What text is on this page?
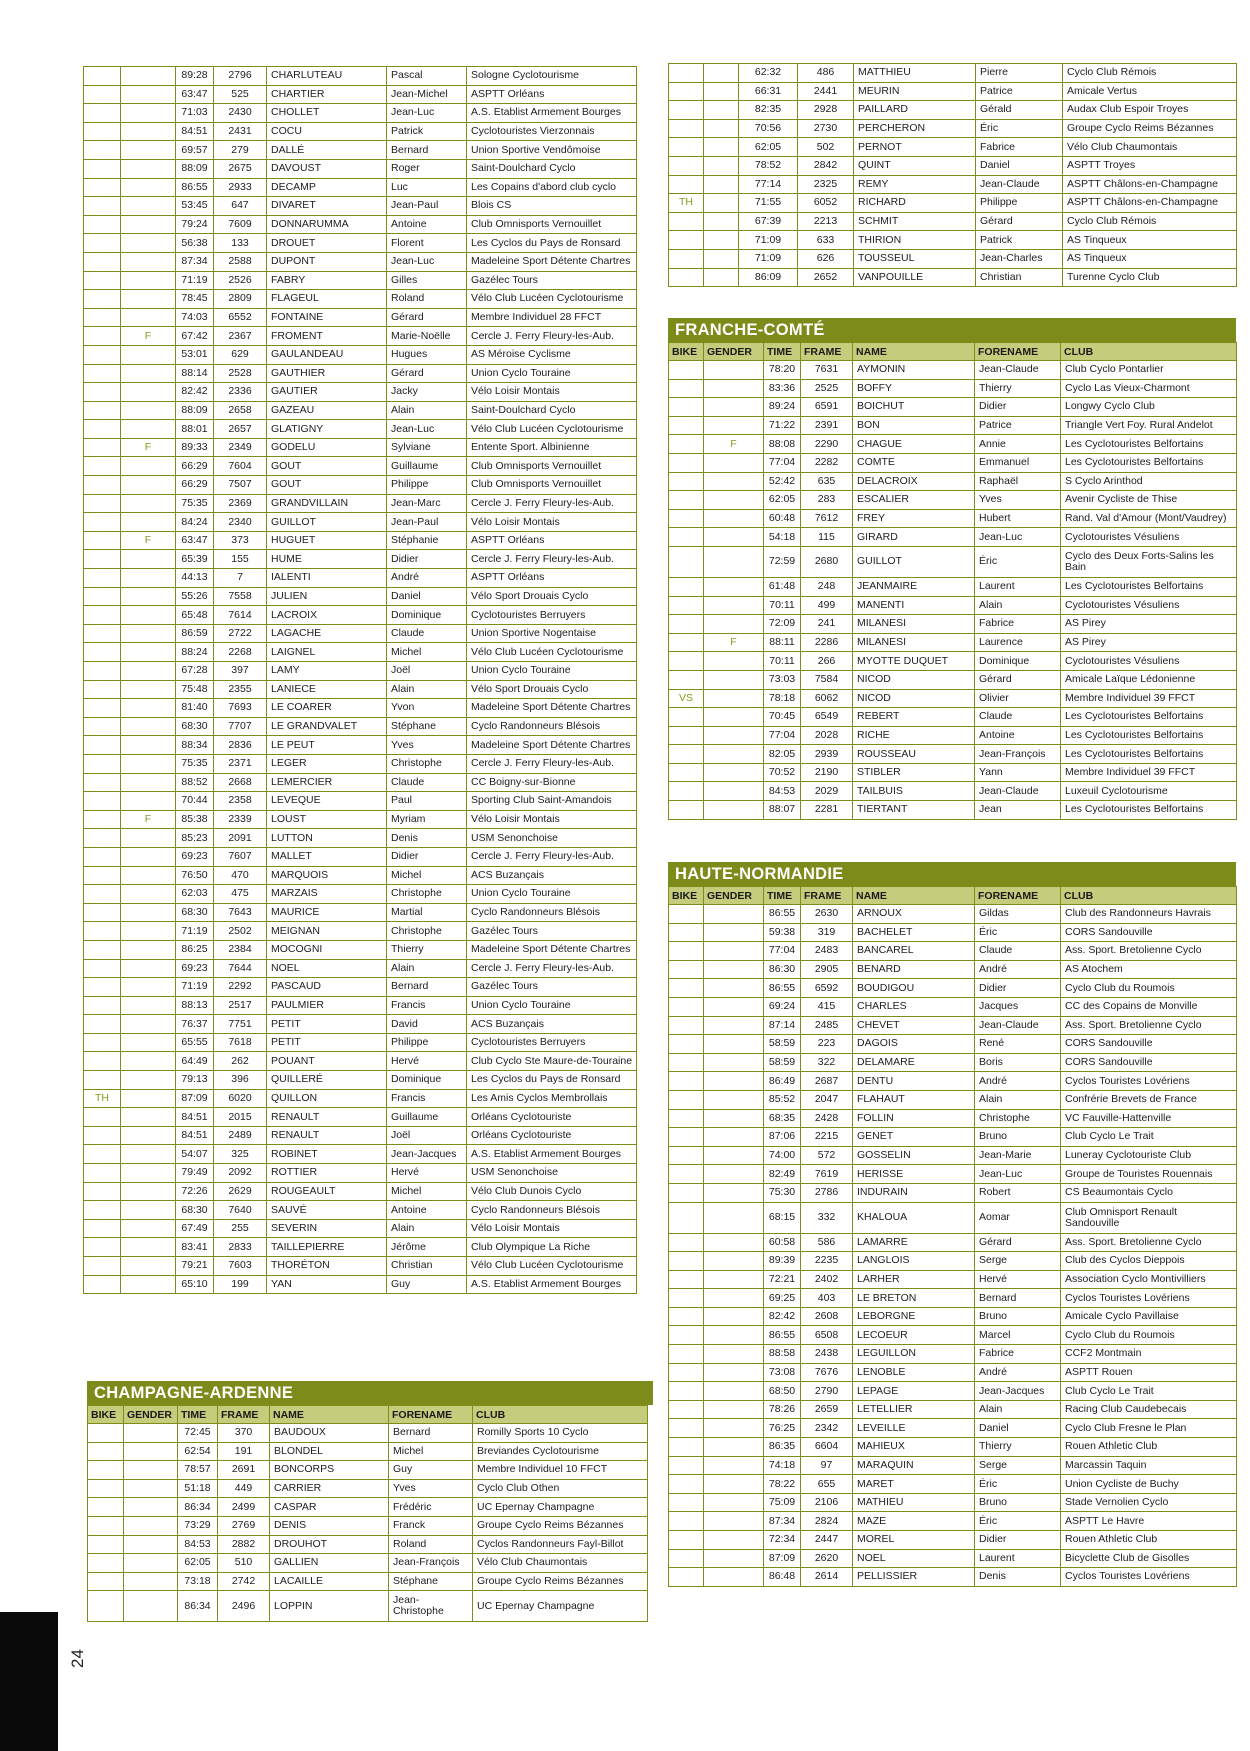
		89:28	2796	CHARLUTEAU	Pascal	Sologne Cyclotourisme
		63:47	525	CHARTIER	Jean-Michel	ASPTT Orléans
		71:03	2430	CHOLLET	Jean-Luc	A.S. Etablist Armement Bourges
		84:51	2431	COCU	Patrick	Cyclotouristes Vierzonnais
		69:57	279	DALLÉ	Bernard	Union Sportive Vendômoise
		88:09	2675	DAVOUST	Roger	Saint-Doulchard Cyclo
		86:55	2933	DECAMP	Luc	Les Copains d'abord club cyclo
		53:45	647	DIVARET	Jean-Paul	Blois CS
		79:24	7609	DONNARUMMA	Antoine	Club Omnisports Vernouillet
		56:38	133	DROUET	Florent	Les Cyclos du Pays de Ronsard
		87:34	2588	DUPONT	Jean-Luc	Madeleine Sport Détente Chartres
		71:19	2526	FABRY	Gilles	Gazélec Tours
		78:45	2809	FLAGEUL	Roland	Vélo Club Lucéen Cyclotourisme
		74:03	6552	FONTAINE	Gérard	Membre Individuel 28 FFCT
	F	67:42	2367	FROMENT	Marie-Noëlle	Cercle J. Ferry Fleury-les-Aub.
		53:01	629	GAULANDEAU	Hugues	AS Méroise Cyclisme
		88:14	2528	GAUTHIER	Gérard	Union Cyclo Touraine
		82:42	2336	GAUTIER	Jacky	Vélo Loisir Montais
		88:09	2658	GAZEAU	Alain	Saint-Doulchard Cyclo
		88:01	2657	GLATIGNY	Jean-Luc	Vélo Club Lucéen Cyclotourisme
	F	89:33	2349	GODELU	Sylviane	Entente Sport. Albinienne
		66:29	7604	GOUT	Guillaume	Club Omnisports Vernouillet
		66:29	7507	GOUT	Philippe	Club Omnisports Vernouillet
		75:35	2369	GRANDVILLAIN	Jean-Marc	Cercle J. Ferry Fleury-les-Aub.
		84:24	2340	GUILLOT	Jean-Paul	Vélo Loisir Montais
	F	63:47	373	HUGUET	Stéphanie	ASPTT Orléans
		65:39	155	HUME	Didier	Cercle J. Ferry Fleury-les-Aub.
		44:13	7	IALENTI	André	ASPTT Orléans
		55:26	7558	JULIEN	Daniel	Vélo Sport Drouais Cyclo
		65:48	7614	LACROIX	Dominique	Cyclotouristes Berruyers
		86:59	2722	LAGACHE	Claude	Union Sportive Nogentaise
		88:24	2268	LAIGNEL	Michel	Vélo Club Lucéen Cyclotourisme
		67:28	397	LAMY	Joël	Union Cyclo Touraine
		75:48	2355	LANIECE	Alain	Vélo Sport Drouais Cyclo
		81:40	7693	LE COARER	Yvon	Madeleine Sport Détente Chartres
		68:30	7707	LE GRANDVALET	Stéphane	Cyclo Randonneurs Blésois
		88:34	2836	LE PEUT	Yves	Madeleine Sport Détente Chartres
		75:35	2371	LEGER	Christophe	Cercle J. Ferry Fleury-les-Aub.
		88:52	2668	LEMERCIER	Claude	CC Boigny-sur-Bionne
		70:44	2358	LEVEQUE	Paul	Sporting Club Saint-Amandois
	F	85:38	2339	LOUST	Myriam	Vélo Loisir Montais
		85:23	2091	LUTTON	Denis	USM Senonchoise
		69:23	7607	MALLET	Didier	Cercle J. Ferry Fleury-les-Aub.
		76:50	470	MARQUOIS	Michel	ACS Buzançais
		62:03	475	MARZAIS	Christophe	Union Cyclo Touraine
		68:30	7643	MAURICE	Martial	Cyclo Randonneurs Blésois
		71:19	2502	MEIGNAN	Christophe	Gazélec Tours
		86:25	2384	MOCOGNI	Thierry	Madeleine Sport Détente Chartres
		69:23	7644	NOEL	Alain	Cercle J. Ferry Fleury-les-Aub.
		71:19	2292	PASCAUD	Bernard	Gazélec Tours
		88:13	2517	PAULMIER	Francis	Union Cyclo Touraine
		76:37	7751	PETIT	David	ACS Buzançais
		65:55	7618	PETIT	Philippe	Cyclotouristes Berruyers
		64:49	262	POUANT	Hervé	Club Cyclo Ste Maure-de-Touraine
		79:13	396	QUILLERÉ	Dominique	Les Cyclos du Pays de Ronsard
TH		87:09	6020	QUILLON	Francis	Les Amis Cyclos Membrollais
		84:51	2015	RENAULT	Guillaume	Orléans Cyclotouriste
		84:51	2489	RENAULT	Joël	Orléans Cyclotouriste
		54:07	325	ROBINET	Jean-Jacques	A.S. Etablist Armement Bourges
		79:49	2092	ROTTIER	Hervé	USM Senonchoise
		72:26	2629	ROUGEAULT	Michel	Vélo Club Dunois Cyclo
		68:30	7640	SAUVÉ	Antoine	Cyclo Randonneurs Blésois
		67:49	255	SEVERIN	Alain	Vélo Loisir Montais
		83:41	2833	TAILLEPIERRE	Jérôme	Club Olympique La Riche
		79:21	7603	THORÉTON	Christian	Vélo Club Lucéen Cyclotourisme
		65:10	199	YAN	Guy	A.S. Etablist Armement Bourges
CHAMPAGNE-ARDENNE
BIKE	GENDER	TIME	FRAME	NAME	FORENAME	CLUB
		72:45	370	BAUDOUX	Bernard	Romilly Sports 10 Cyclo
		62:54	191	BLONDEL	Michel	Breviandes Cyclotourisme
		78:57	2691	BONCORPS	Guy	Membre Individuel 10 FFCT
		51:18	449	CARRIER	Yves	Cyclo Club Othen
		86:34	2499	CASPAR	Frédéric	UC Epernay Champagne
		73:29	2769	DENIS	Franck	Groupe Cyclo Reims Bézannes
		84:53	2882	DROUHOT	Roland	Cyclos Randonneurs Fayl-Billot
		62:05	510	GALLIEN	Jean-François	Vélo Club Chaumontais
		73:18	2742	LACAILLE	Stéphane	Groupe Cyclo Reims Bézannes
		86:34	2496	LOPPIN	Jean-Christophe	UC Epernay Champagne
		62:32	486	MATTHIEU	Pierre	Cyclo Club Rémois
		66:31	2441	MEURIN	Patrice	Amicale Vertus
		82:35	2928	PAILLARD	Gérald	Audax Club Espoir Troyes
		70:56	2730	PERCHERON	Éric	Groupe Cyclo Reims Bézannes
		62:05	502	PERNOT	Fabrice	Vélo Club Chaumontais
		78:52	2842	QUINT	Daniel	ASPTT Troyes
		77:14	2325	REMY	Jean-Claude	ASPTT Châlons-en-Champagne
TH		71:55	6052	RICHARD	Philippe	ASPTT Châlons-en-Champagne
		67:39	2213	SCHMIT	Gérard	Cyclo Club Rémois
		71:09	633	THIRION	Patrick	AS Tinqueux
		71:09	626	TOUSSEUL	Jean-Charles	AS Tinqueux
		86:09	2652	VANPOUILLE	Christian	Turenne Cyclo Club
FRANCHE-COMTÉ
BIKE	GENDER	TIME	FRAME	NAME	FORENAME	CLUB
		78:20	7631	AYMONIN	Jean-Claude	Club Cyclo Pontarlier
		83:36	2525	BOFFY	Thierry	Cyclo Las Vieux-Charmont
		89:24	6591	BOICHUT	Didier	Longwy Cyclo Club
		71:22	2391	BON	Patrice	Triangle Vert Foy. Rural Andelot
	F	88:08	2290	CHAGUE	Annie	Les Cyclotouristes Belfortains
		77:04	2282	COMTE	Emmanuel	Les Cyclotouristes Belfortains
		52:42	635	DELACROIX	Raphaël	S Cyclo Arinthod
		62:05	283	ESCALIER	Yves	Avenir Cycliste de Thise
		60:48	7612	FREY	Hubert	Rand. Val d'Amour (Mont/Vaudrey)
		54:18	115	GIRARD	Jean-Luc	Cyclotouristes Vésuliens
		72:59	2680	GUILLOT	Éric	Cyclo des Deux Forts-Salins les Bain
		61:48	248	JEANMAIRE	Laurent	Les Cyclotouristes Belfortains
		70:11	499	MANENTI	Alain	Cyclotouristes Vésuliens
		72:09	241	MILANESI	Fabrice	AS Pirey
	F	88:11	2286	MILANESI	Laurence	AS Pirey
		70:11	266	MYOTTE DUQUET	Dominique	Cyclotouristes Vésuliens
		73:03	7584	NICOD	Gérard	Amicale Laïque Lédonienne
VS		78:18	6062	NICOD	Olivier	Membre Individuel 39 FFCT
		70:45	6549	REBERT	Claude	Les Cyclotouristes Belfortains
		77:04	2028	RICHE	Antoine	Les Cyclotouristes Belfortains
		82:05	2939	ROUSSEAU	Jean-François	Les Cyclotouristes Belfortains
		70:52	2190	STIBLER	Yann	Membre Individuel 39 FFCT
		84:53	2029	TAILBUIS	Jean-Claude	Luxeuil Cyclotourisme
		88:07	2281	TIERTANT	Jean	Les Cyclotouristes Belfortains
HAUTE-NORMANDIE
BIKE	GENDER	TIME	FRAME	NAME	FORENAME	CLUB
		86:55	2630	ARNOUX	Gildas	Club des Randonneurs Havrais
		59:38	319	BACHELET	Éric	CORS Sandouville
		77:04	2483	BANCAREL	Claude	Ass. Sport. Bretolienne Cyclo
		86:30	2905	BENARD	André	AS Atochem
		86:55	6592	BOUDIGOU	Didier	Cyclo Club du Roumois
		69:24	415	CHARLES	Jacques	CC des Copains de Monville
		87:14	2485	CHEVET	Jean-Claude	Ass. Sport. Bretolienne Cyclo
		58:59	223	DAGOIS	René	CORS Sandouville
		58:59	322	DELAMARE	Boris	CORS Sandouville
		86:49	2687	DENTU	André	Cyclos Touristes Lovériens
		85:52	2047	FLAHAUT	Alain	Confrérie Brevets de France
		68:35	2428	FOLLIN	Christophe	VC Fauville-Hattenville
		87:06	2215	GENET	Bruno	Club Cyclo Le Trait
		74:00	572	GOSSELIN	Jean-Marie	Luneray Cyclotouriste Club
		82:49	7619	HERISSE	Jean-Luc	Groupe de Touristes Rouennais
		75:30	2786	INDURAIN	Robert	CS Beaumontais Cyclo
		68:15	332	KHALOUA	Aomar	Club Omnisport Renault Sandouville
		60:58	586	LAMARRE	Gérard	Ass. Sport. Bretolienne Cyclo
		89:39	2235	LANGLOIS	Serge	Club des Cyclos Dieppois
		72:21	2402	LARHER	Hervé	Association Cyclo Montivilliers
		69:25	403	LE BRETON	Bernard	Cyclos Touristes Lovériens
		82:42	2608	LEBORGNE	Bruno	Amicale Cyclo Pavillaise
		86:55	6508	LECOEUR	Marcel	Cyclo Club du Roumois
		88:58	2438	LEGUILLON	Fabrice	CCF2 Montmain
		73:08	7676	LENOBLE	André	ASPTT Rouen
		68:50	2790	LEPAGE	Jean-Jacques	Club Cyclo Le Trait
		78:26	2659	LETELLIER	Alain	Racing Club Caudebecais
		76:25	2342	LEVEILLE	Daniel	Cyclo Club Fresne le Plan
		86:35	6604	MAHIEUX	Thierry	Rouen Athletic Club
		74:18	97	MARAQUIN	Serge	Marcassin Taquin
		78:22	655	MARET	Éric	Union Cycliste de Buchy
		75:09	2106	MATHIEU	Bruno	Stade Vernolien Cyclo
		87:34	2824	MAZE	Éric	ASPTT Le Havre
		72:34	2447	MOREL	Didier	Rouen Athletic Club
		87:09	2620	NOEL	Laurent	Bicyclette Club de Gisolles
		86:48	2614	PELLISSIER	Denis	Cyclos Touristes Lovériens
24
